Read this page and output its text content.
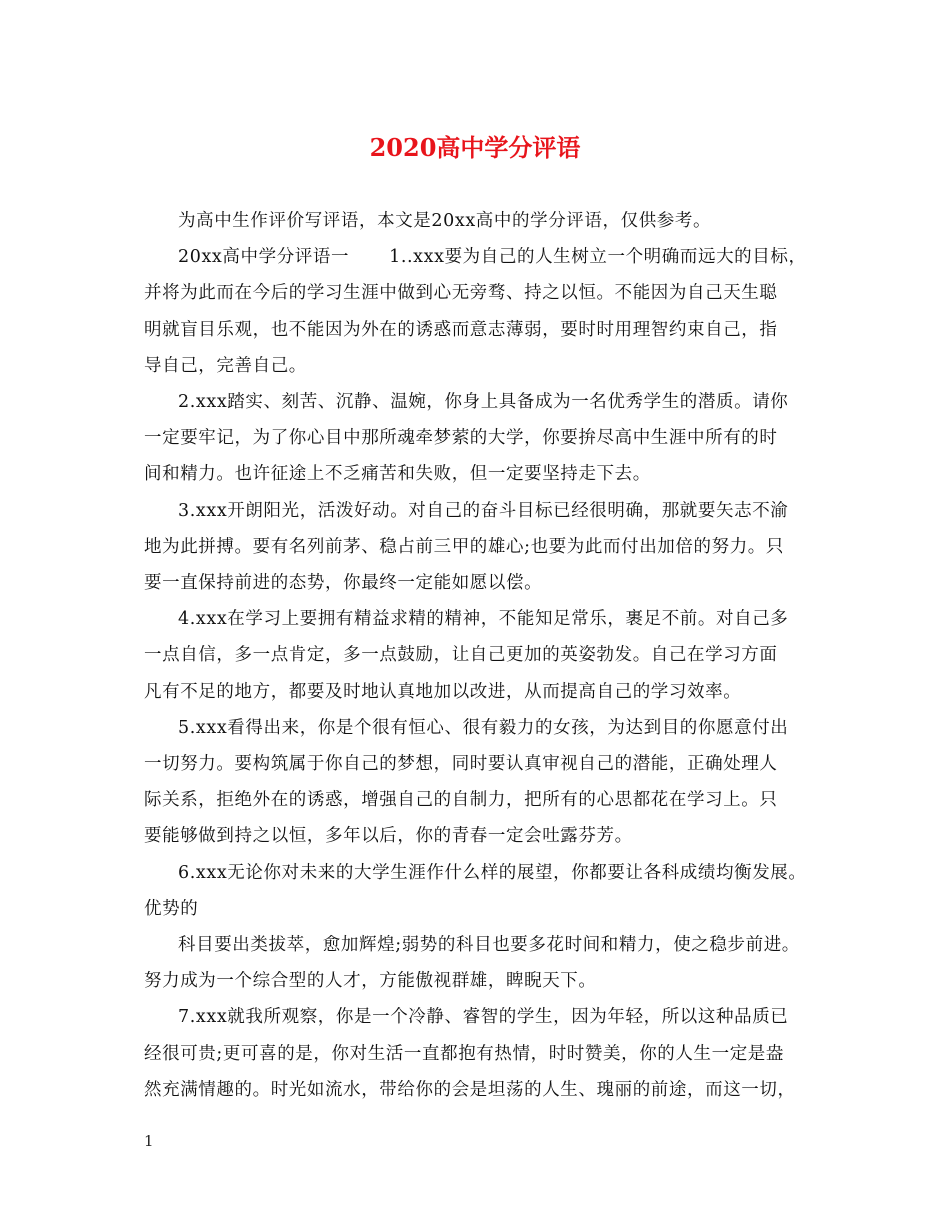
2020高中学分评语

为高中生作评价写评语，本文是20xx高中的学分评语，仅供参考。

20xx高中学分评语一 1..xxx要为自己的人生树立一个明确而远大的目标，
并将为此而在今后的学习生涯中做到心无旁骛、持之以恒。不能因为自己天生聪
明就盲目乐观，也不能因为外在的诱惑而意志薄弱，要时时用理智约束自己，指
导自己，完善自己。

2.xxx踏实、刻苦、沉静、温婉，你身上具备成为一名优秀学生的潜质。请你
一定要牢记，为了你心目中那所魂牵梦萦的大学，你要拚尽高中生涯中所有的时
间和精力。也许征途上不乏痛苦和失败，但一定要坚持走下去。

3.xxx开朗阳光，活泼好动。对自己的奋斗目标已经很明确，那就要矢志不渝
地为此拼搏。要有名列前茅、稳占前三甲的雄心;也要为此而付出加倍的努力。只
要一直保持前进的态势，你最终一定能如愿以偿。

4.xxx在学习上要拥有精益求精的精神，不能知足常乐，裹足不前。对自己多
一点自信，多一点肯定，多一点鼓励，让自己更加的英姿勃发。自己在学习方面
凡有不足的地方，都要及时地认真地加以改进，从而提高自己的学习效率。

5.xxx看得出来，你是个很有恒心、很有毅力的女孩，为达到目的你愿意付出
一切努力。要构筑属于你自己的梦想，同时要认真审视自己的潜能，正确处理人
际关系，拒绝外在的诱惑，增强自己的自制力，把所有的心思都花在学习上。只
要能够做到持之以恒，多年以后，你的青春一定会吐露芬芳。

6.xxx无论你对未来的大学生涯作什么样的展望，你都要让各科成绩均衡发展。
优势的
科目要出类拔萃，愈加辉煌;弱势的科目也要多花时间和精力，使之稳步前进。
努力成为一个综合型的人才，方能傲视群雄，睥睨天下。

7.xxx就我所观察，你是一个冷静、睿智的学生，因为年轻，所以这种品质已
经很可贵;更可喜的是，你对生活一直都抱有热情，时时赞美，你的人生一定是盎
然充满情趣的。时光如流水，带给你的会是坦荡的人生、瑰丽的前途，而这一切，

1
